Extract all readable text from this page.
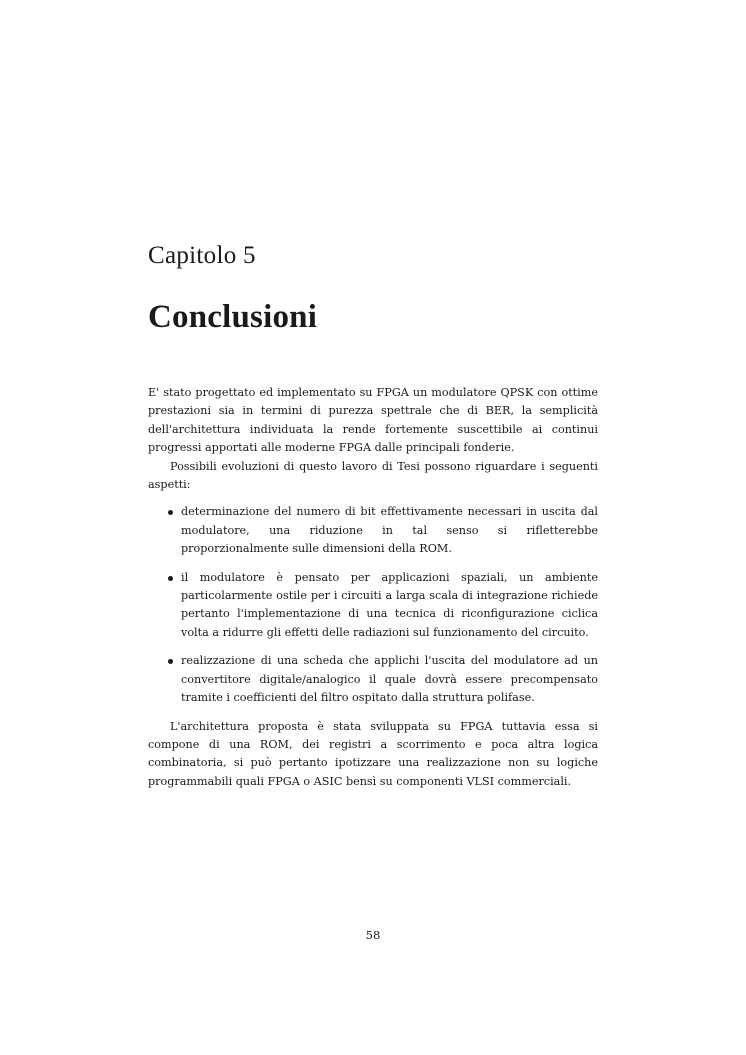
Capitolo 5
Conclusioni

E' stato progettato ed implementato su FPGA un modulatore QPSK con ottime prestazioni sia in termini di purezza spettrale che di BER, la semplicità dell'architettura individuata la rende fortemente suscettibile ai continui progressi apportati alle moderne FPGA dalle principali fonderie.

Possibili evoluzioni di questo lavoro di Tesi possono riguardare i seguenti aspetti:

determinazione del numero di bit effettivamente necessari in uscita dal modulatore, una riduzione in tal senso si rifletterebbe proporzionalmente sulle dimensioni della ROM.
il modulatore è pensato per applicazioni spaziali, un ambiente particolarmente ostile per i circuiti a larga scala di integrazione richiede pertanto l'implementazione di una tecnica di riconfigurazione ciclica volta a ridurre gli effetti delle radiazioni sul funzionamento del circuito.
realizzazione di una scheda che applichi l'uscita del modulatore ad un convertitore digitale/analogico il quale dovrà essere precompensato tramite i coefficienti del filtro ospitato dalla struttura polifase.

L'architettura proposta è stata sviluppata su FPGA tuttavia essa si compone di una ROM, dei registri a scorrimento e poca altra logica combinatoria, si può pertanto ipotizzare una realizzazione non su logiche programmabili quali FPGA o ASIC bensì su componenti VLSI commerciali.

58
